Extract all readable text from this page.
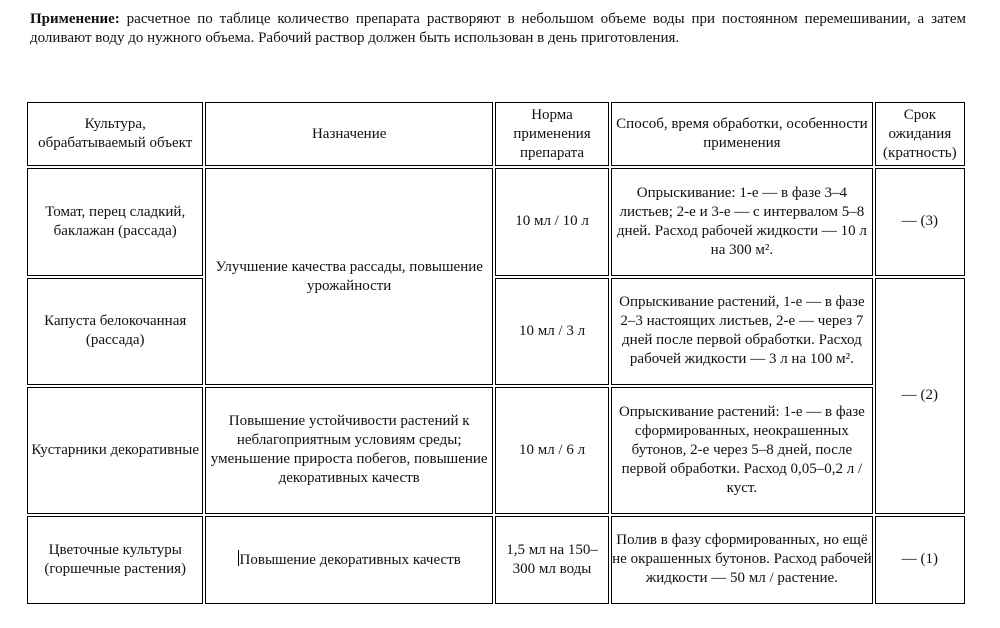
Применение: расчетное по таблице количество препарата растворяют в небольшом объеме воды при постоянном перемешивании, а затем доливают воду до нужного объема. Рабочий раствор должен быть использован в день приготовления.
Культура, обрабатываемый объект	Назначение	Норма применения препарата	Способ, время обработки, особенности применения	Срок ожидания (кратность)
Томат, перец сладкий, баклажан (рассада)	Улучшение качества рассады, повышение урожайности	10 мл / 10 л	Опрыскивание: 1-е — в фазе 3–4 листьев; 2-е и 3-е — с интервалом 5–8 дней. Расход рабочей жидкости — 10 л на 300 м².	— (3)
Капуста белокочанная (рассада)		10 мл / 3 л	Опрыскивание растений, 1-е — в фазе 2–3 настоящих листьев, 2-е — через 7 дней после первой обработки. Расход рабочей жидкости — 3 л на 100 м².	— (2)
Кустарники декоративные	Повышение устойчивости растений к неблагоприятным условиям среды; уменьшение прироста побегов, повышение декоративных качеств	10 мл / 6 л	Опрыскивание растений: 1-е — в фазе сформированных, неокрашенных бутонов, 2-е через 5–8 дней, после первой обработки. Расход 0,05–0,2 л / куст.	
Цветочные культуры (горшечные растения)	Повышение декоративных качеств	1,5 мл на 150–300 мл воды	Полив в фазу сформированных, но ещё не окрашенных бутонов. Расход рабочей жидкости — 50 мл / растение.	— (1)
